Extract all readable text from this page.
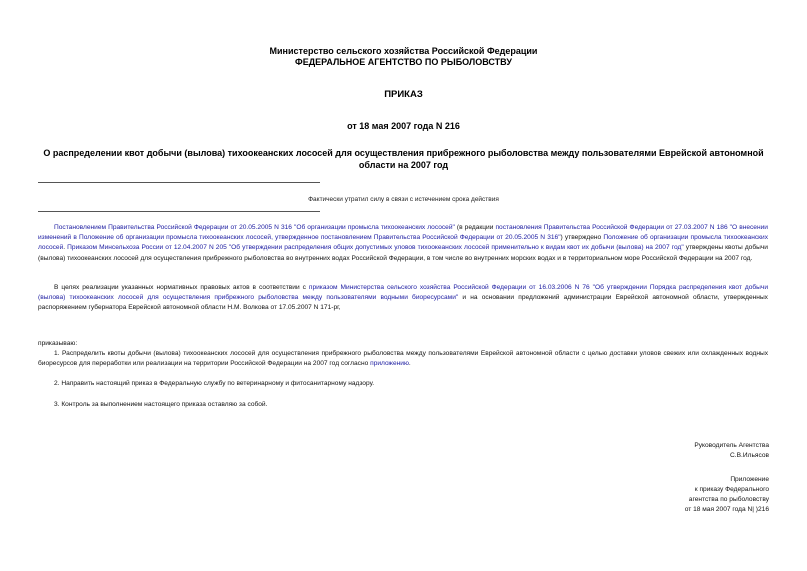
Министерство сельского хозяйства Российской Федерации
ФЕДЕРАЛЬНОЕ АГЕНТСТВО ПО РЫБОЛОВСТВУ
ПРИКАЗ
от 18 мая 2007 года N 216
О распределении квот добычи (вылова) тихоокеанских лососей для осуществления прибрежного рыболовства между пользователями Еврейской автономной области на 2007 год
Фактически утратил силу в связи с истечением срока действия
Постановлением Правительства Российской Федерации от 20.05.2005 N 316 "Об организации промысла тихоокеанских лососей" (в редакции постановления Правительства Российской Федерации от 27.03.2007 N 186 "О внесении изменений в Положение об организации промысла тихоокеанских лососей, утвержденное постановлением Правительства Российской Федерации от 20.05.2005 N 316") утверждено Положение об организации промысла тихоокеанских лососей. Приказом Минсельхоза России от 12.04.2007 N 205 "Об утверждении распределения общих допустимых уловов тихоокеанских лососей применительно к видам квот их добычи (вылова) на 2007 год" утверждены квоты добычи (вылова) тихоокеанских лососей для осуществления прибрежного рыболовства во внутренних водах Российской Федерации, в том числе во внутренних морских водах и в территориальном море Российской Федерации на 2007 год.
В целях реализации указанных нормативных правовых актов в соответствии с приказом Министерства сельского хозяйства Российской Федерации от 16.03.2006 N 76 "Об утверждении Порядка распределения квот добычи (вылова) тихоокеанских лососей для осуществления прибрежного рыболовства между пользователями водными биоресурсами" и на основании предложений администрации Еврейской автономной области, утвержденных распоряжением губернатора Еврейской автономной области Н.М. Волкова от 17.05.2007 N 171-рг,
приказываю:
1. Распределить квоты добычи (вылова) тихоокеанских лососей для осуществления прибрежного рыболовства между пользователями Еврейской автономной области с целью доставки уловов свежих или охлажденных водных биоресурсов для переработки или реализации на территории Российской Федерации на 2007 год согласно приложению.
2. Направить настоящий приказ в Федеральную службу по ветеринарному и фитосанитарному надзору.
3. Контроль за выполнением настоящего приказа оставляю за собой.
Руководитель Агентства
С.В.Ильясов
Приложение
к приказу Федерального
агентства по рыболовству
от 18 мая 2007 года N| )216
